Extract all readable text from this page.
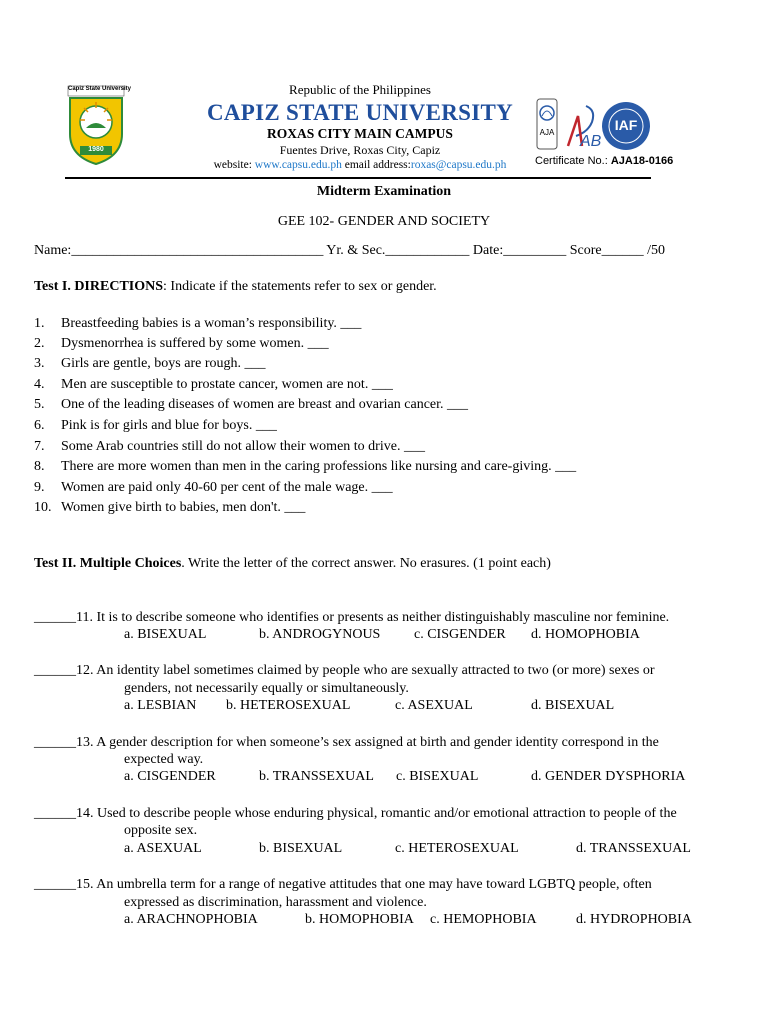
Capiz State University
1980
Republic of the Philippines
CAPIZ STATE UNIVERSITY
ROXAS CITY MAIN CAMPUS
Fuentes Drive, Roxas City, Capiz
website: www.capsu.edu.ph email address:roxas@capsu.edu.ph
AJA
AB
IAF
Certificate No.: AJA18-0166
Midterm Examination
GEE 102- GENDER AND SOCIETY
Name:____________________________________ Yr. & Sec.____________ Date:_________ Score______ /50
Test I. DIRECTIONS: Indicate if the statements refer to sex or gender.
1. Breastfeeding babies is a woman’s responsibility. ___
2. Dysmenorrhea is suffered by some women. ___
3. Girls are gentle, boys are rough. ___
4. Men are susceptible to prostate cancer, women are not. ___
5. One of the leading diseases of women are breast and ovarian cancer. ___
6. Pink is for girls and blue for boys. ___
7. Some Arab countries still do not allow their women to drive. ___
8. There are more women than men in the caring professions like nursing and care-giving. ___
9. Women are paid only 40-60 per cent of the male wage. ___
10. Women give birth to babies, men don't. ___
Test II. Multiple Choices. Write the letter of the correct answer. No erasures. (1 point each)
______11. It is to describe someone who identifies or presents as neither distinguishably masculine nor feminine.
a. BISEXUAL	b. ANDROGYNOUS c. CISGENDER d. HOMOPHOBIA
______12. An identity label sometimes claimed by people who are sexually attracted to two (or more) sexes or
genders, not necessarily equally or simultaneously.
a. LESBIAN b. HETEROSEXUAL	c. ASEXUAL	d. BISEXUAL
______13. A gender description for when someone’s sex assigned at birth and gender identity correspond in the
expected way.
a. CISGENDER	b. TRANSSEXUAL c. BISEXUAL	d. GENDER DYSPHORIA
______14. Used to describe people whose enduring physical, romantic and/or emotional attraction to people of the
opposite sex.
a. ASEXUAL	b. BISEXUAL	c. HETEROSEXUAL	d. TRANSSEXUAL
______15. An umbrella term for a range of negative attitudes that one may have toward LGBTQ people, often
expressed as discrimination, harassment and violence.
a. ARACHNOPHOBIA	b. HOMOPHOBIA c. HEMOPHOBIA	d. HYDROPHOBIA
